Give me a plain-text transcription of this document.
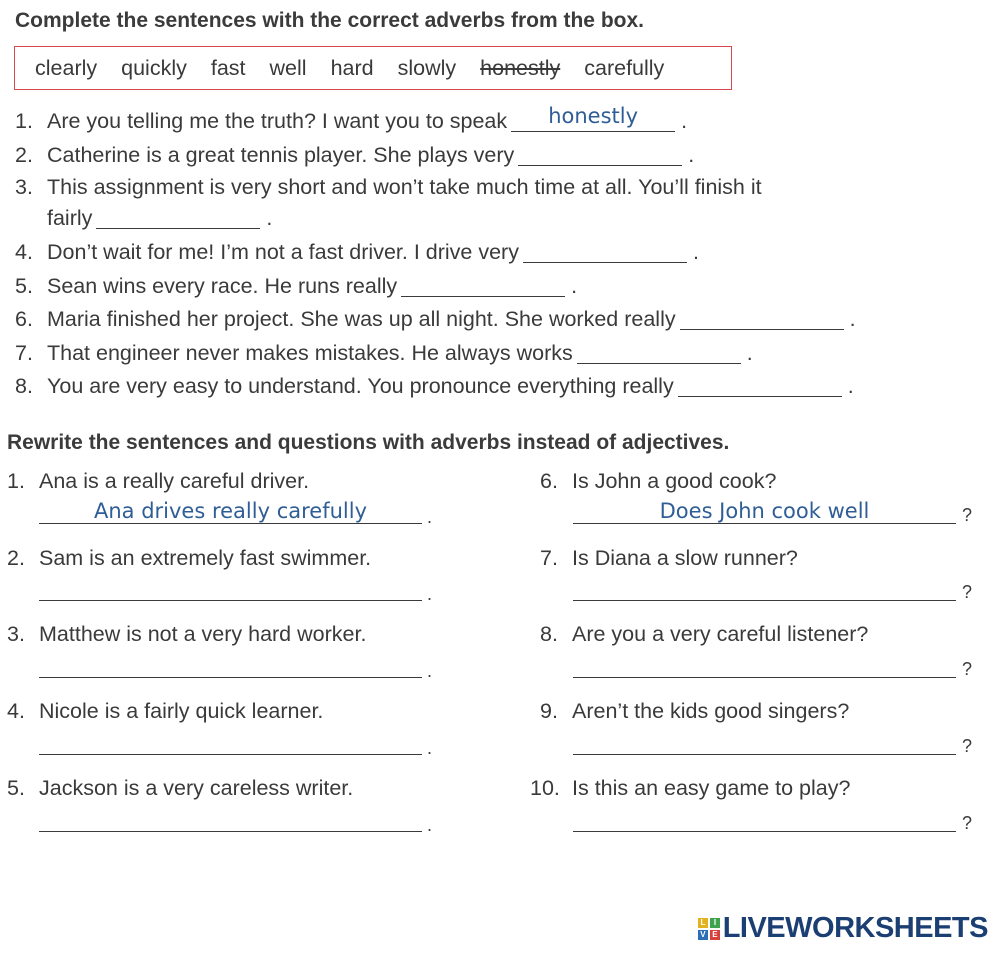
Complete the sentences with the correct adverbs from the box.
clearly quickly fast well hard slowly honestly carefully
1. Are you telling me the truth? I want you to speak	honestly	.
2. Catherine is a great tennis player. She plays very	.
3. This assignment is very short and won’t take much time at all. You’ll finish it
fairly	.
4. Don’t wait for me! I’m not a fast driver. I drive very	.
5. Sean wins every race. He runs really	.
6. Maria finished her project. She was up all night. She worked really	.
7. That engineer never makes mistakes. He always works	.
8. You are very easy to understand. You pronounce everything really	.
Rewrite the sentences and questions with adverbs instead of adjectives.
1. Ana is a really careful driver.
Ana drives really carefully	.
2. Sam is an extremely fast swimmer.
.
3. Matthew is not a very hard worker.
.
4. Nicole is a fairly quick learner.
.
5. Jackson is a very careless writer.
.
6. Is John a good cook?
Does John cook well	?
7. Is Diana a slow runner?
?
8. Are you a very careful listener?
?
9. Aren’t the kids good singers?
?
10. Is this an easy game to play?
?
L	I
V E LIVEWORKSHEETS
